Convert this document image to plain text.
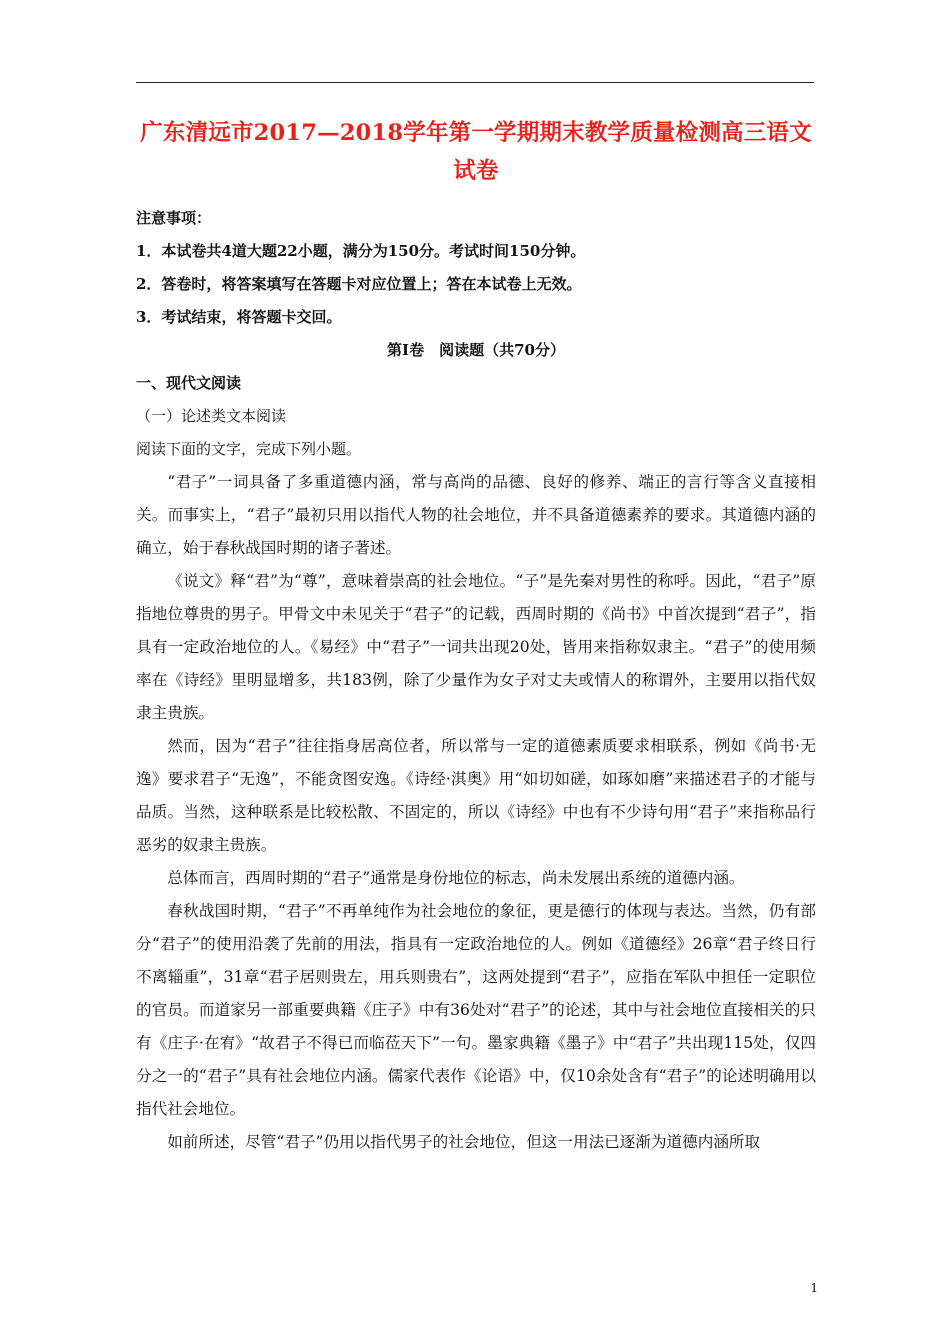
广东清远市2017—2018学年第一学期期末教学质量检测高三语文试卷
注意事项：
1．本试卷共4道大题22小题，满分为150分。考试时间150分钟。
2．答卷时，将答案填写在答题卡对应位置上；答在本试卷上无效。
3．考试结束，将答题卡交回。
第Ⅰ卷　阅读题（共70分）
一、现代文阅读
（一）论述类文本阅读
阅读下面的文字，完成下列小题。

“君子”一词具备了多重道德内涵，常与高尚的品德、良好的修养、端正的言行等含义直接相关。而事实上，“君子”最初只用以指代人物的社会地位，并不具备道德素养的要求。其道德内涵的确立，始于春秋战国时期的诸子著述。

《说文》释“君”为“尊”，意味着崇高的社会地位。“子”是先秦对男性的称呼。因此，“君子”原指地位尊贵的男子。甲骨文中未见关于“君子”的记载，西周时期的《尚书》中首次提到“君子”，指具有一定政治地位的人。《易经》中“君子”一词共出现20处，皆用来指称奴隶主。“君子”的使用频率在《诗经》里明显增多，共183例，除了少量作为女子对丈夫或情人的称谓外，主要用以指代奴隶主贵族。

然而，因为“君子”往往指身居高位者，所以常与一定的道德素质要求相联系，例如《尚书·无逸》要求君子“无逸”，不能贪图安逸。《诗经·淇奥》用“如切如磋，如琢如磨”来描述君子的才能与品质。当然，这种联系是比较松散、不固定的，所以《诗经》中也有不少诗句用“君子”来指称品行恶劣的奴隶主贵族。

总体而言，西周时期的“君子”通常是身份地位的标志，尚未发展出系统的道德内涵。

春秋战国时期，“君子”不再单纯作为社会地位的象征，更是德行的体现与表达。当然，仍有部分“君子”的使用沿袭了先前的用法，指具有一定政治地位的人。例如《道德经》26章“君子终日行不离辎重”，31章“君子居则贵左，用兵则贵右”，这两处提到“君子”，应指在军队中担任一定职位的官员。而道家另一部重要典籍《庄子》中有36处对“君子”的论述，其中与社会地位直接相关的只有《庄子·在宥》“故君子不得已而临莅天下”一句。墨家典籍《墨子》中“君子”共出现115处，仅四分之一的“君子”具有社会地位内涵。儒家代表作《论语》中，仅10余处含有“君子”的论述明确用以指代社会地位。

如前所述，尽管“君子”仍用以指代男子的社会地位，但这一用法已逐渐为道德内涵所取

1
